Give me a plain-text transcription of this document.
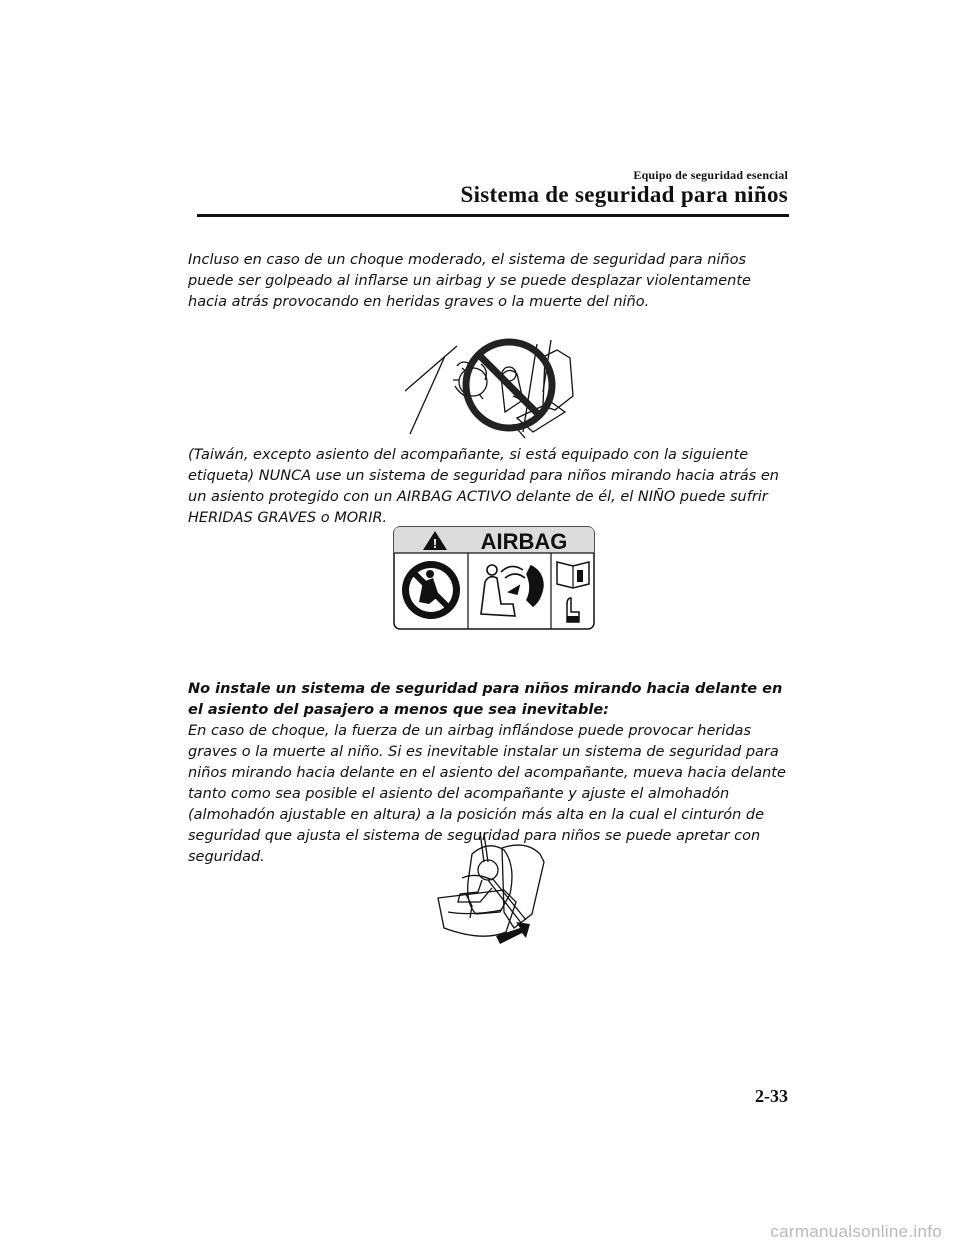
Equipo de seguridad esencial
Sistema de seguridad para niños
Incluso en caso de un choque moderado, el sistema de seguridad para niños puede ser golpeado al inflarse un airbag y se puede desplazar violentamente hacia atrás provocando en heridas graves o la muerte del niño.
(Taiwán, excepto asiento del acompañante, si está equipado con la siguiente etiqueta) NUNCA use un sistema de seguridad para niños mirando hacia atrás en un asiento protegido con un AIRBAG ACTIVO delante de él, el NIÑO puede sufrir HERIDAS GRAVES o MORIR.
! AIRBAG
No instale un sistema de seguridad para niños mirando hacia delante en el asiento del pasajero a menos que sea inevitable:
En caso de choque, la fuerza de un airbag inflándose puede provocar heridas graves o la muerte al niño. Si es inevitable instalar un sistema de seguridad para niños mirando hacia delante en el asiento del acompañante, mueva hacia delante tanto como sea posible el asiento del acompañante y ajuste el almohadón (almohadón ajustable en altura) a la posición más alta en la cual el cinturón de seguridad que ajusta el sistema de seguridad para niños se puede apretar con seguridad.
2-33
carmanualsonline.info
